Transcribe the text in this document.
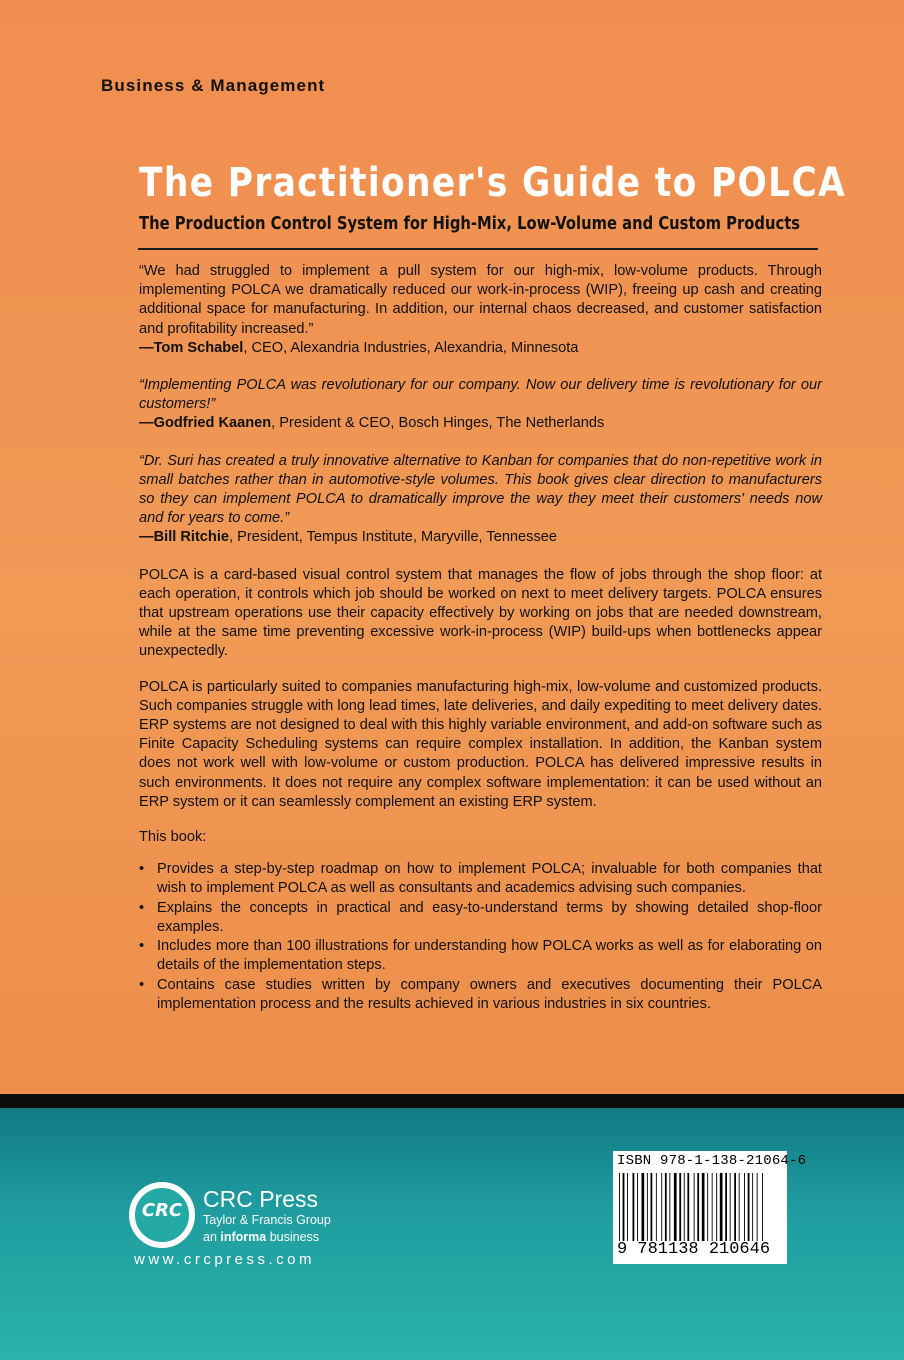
Business & Management
The Practitioner's Guide to POLCA
The Production Control System for High-Mix, Low-Volume and Custom Products

“We had struggled to implement a pull system for our high-mix, low-volume products. Through implementing POLCA we dramatically reduced our work-in-process (WIP), freeing up cash and creating additional space for manufacturing. In addition, our internal chaos decreased, and customer satisfaction and profitability increased.”

—Tom Schabel, CEO, Alexandria Industries, Alexandria, Minnesota

“Implementing POLCA was revolutionary for our company. Now our delivery time is revolutionary for our customers!”

—Godfried Kaanen, President & CEO, Bosch Hinges, The Netherlands

“Dr. Suri has created a truly innovative alternative to Kanban for companies that do non-repetitive work in small batches rather than in automotive-style volumes. This book gives clear direction to manufacturers so they can implement POLCA to dramatically improve the way they meet their customers' needs now and for years to come.”

—Bill Ritchie, President, Tempus Institute, Maryville, Tennessee

POLCA is a card-based visual control system that manages the flow of jobs through the shop floor: at each operation, it controls which job should be worked on next to meet delivery targets. POLCA ensures that upstream operations use their capacity effectively by working on jobs that are needed downstream, while at the same time preventing excessive work-in-process (WIP) build-ups when bottlenecks appear unexpectedly.

POLCA is particularly suited to companies manufacturing high-mix, low-volume and customized products. Such companies struggle with long lead times, late deliveries, and daily expediting to meet delivery dates. ERP systems are not designed to deal with this highly variable environment, and add-on software such as Finite Capacity Scheduling systems can require complex installation. In addition, the Kanban system does not work well with low-volume or custom production. POLCA has delivered impressive results in such environments. It does not require any complex software implementation: it can be used without an ERP system or it can seamlessly complement an existing ERP system.

This book:

• Provides a step-by-step roadmap on how to implement POLCA; invaluable for both companies that wish to implement POLCA as well as consultants and academics advising such companies.
• Explains the concepts in practical and easy-to-understand terms by showing detailed shop-floor examples.
• Includes more than 100 illustrations for understanding how POLCA works as well as for elaborating on details of the implementation steps.
• Contains case studies written by company owners and executives documenting their POLCA implementation process and the results achieved in various industries in six countries.
CRC CRC Press
Taylor & Francis Group
an informa business
www.crcpress.com
ISBN 978-1-138-21064-6
9 781138 210646
